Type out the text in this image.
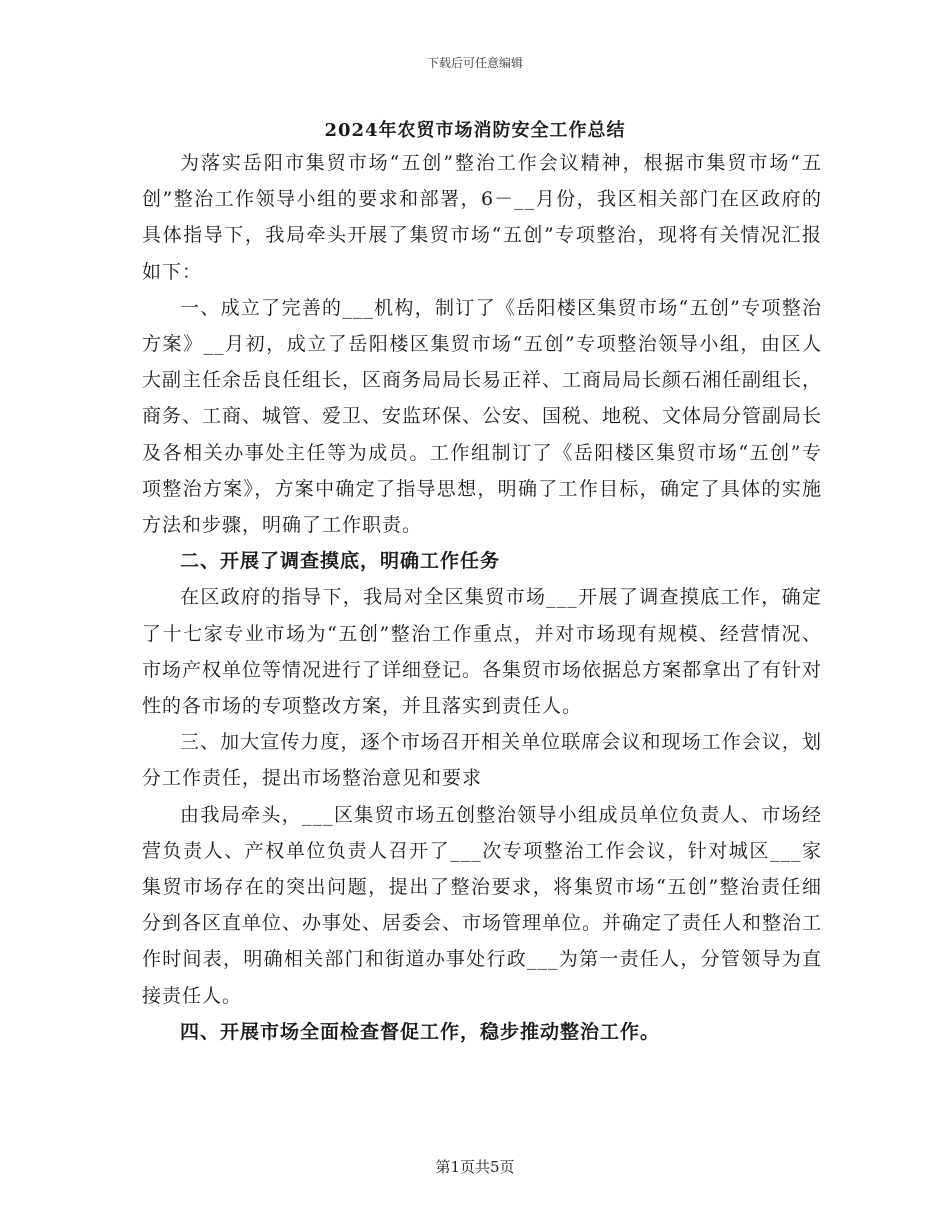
下载后可任意编辑
2024年农贸市场消防安全工作总结

为落实岳阳市集贸市场“五创”整治工作会议精神，根据市集贸市场“五创”整治工作领导小组的要求和部署，6－__月份，我区相关部门在区政府的具体指导下，我局牵头开展了集贸市场“五创”专项整治，现将有关情况汇报如下：

一、成立了完善的___机构，制订了《岳阳楼区集贸市场“五创”专项整治方案》__月初，成立了岳阳楼区集贸市场“五创”专项整治领导小组，由区人大副主任余岳良任组长，区商务局局长易正祥、工商局局长颜石湘任副组长，商务、工商、城管、爱卫、安监环保、公安、国税、地税、文体局分管副局长及各相关办事处主任等为成员。工作组制订了《岳阳楼区集贸市场“五创”专项整治方案》，方案中确定了指导思想，明确了工作目标，确定了具体的实施方法和步骤，明确了工作职责。

二、开展了调查摸底，明确工作任务

在区政府的指导下，我局对全区集贸市场___开展了调查摸底工作，确定了十七家专业市场为“五创”整治工作重点，并对市场现有规模、经营情况、市场产权单位等情况进行了详细登记。各集贸市场依据总方案都拿出了有针对性的各市场的专项整改方案，并且落实到责任人。

三、加大宣传力度，逐个市场召开相关单位联席会议和现场工作会议，划分工作责任，提出市场整治意见和要求

由我局牵头，___区集贸市场五创整治领导小组成员单位负责人、市场经营负责人、产权单位负责人召开了___次专项整治工作会议，针对城区___家集贸市场存在的突出问题，提出了整治要求，将集贸市场“五创”整治责任细分到各区直单位、办事处、居委会、市场管理单位。并确定了责任人和整治工作时间表，明确相关部门和街道办事处行政___为第一责任人，分管领导为直接责任人。

四、开展市场全面检查督促工作，稳步推动整治工作。

第1页共5页
